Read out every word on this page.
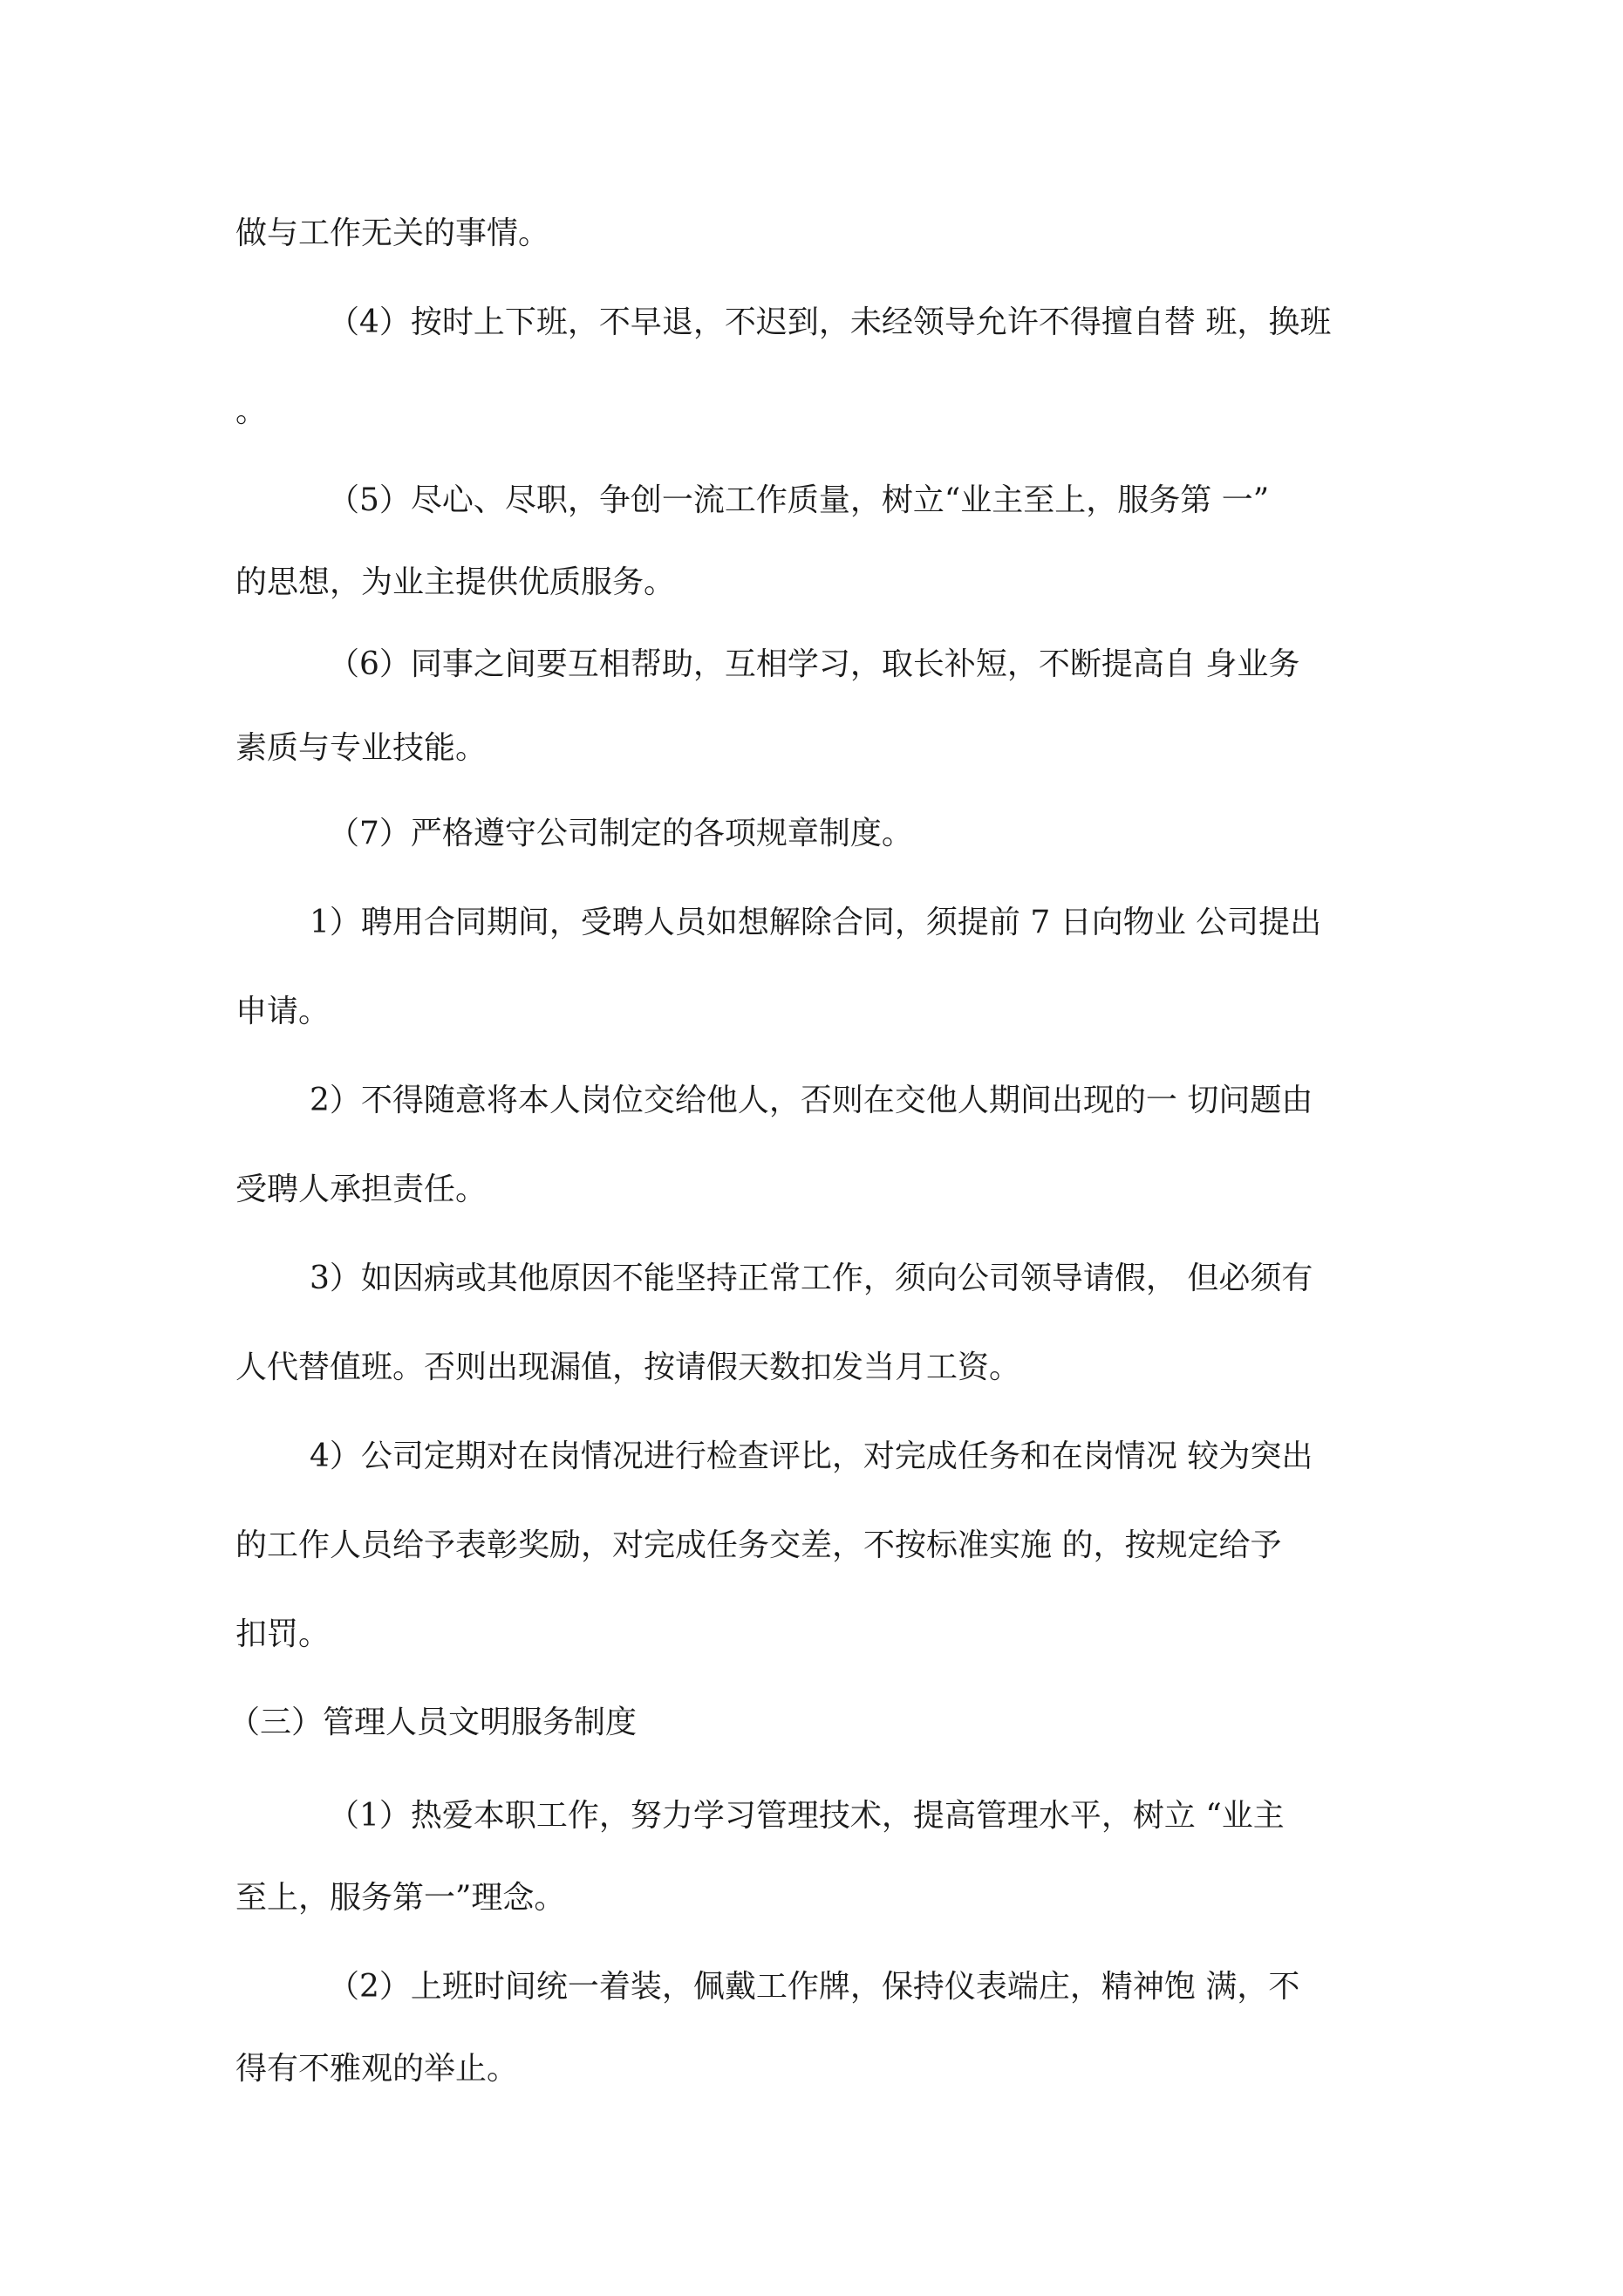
做与工作无关的事情。
（4）按时上下班，不早退，不迟到，未经领导允许不得擅自替 班，换班
。
（5）尽心、尽职，争创一流工作质量，树立“业主至上，服务第 一”
的思想，为业主提供优质服务。
（6）同事之间要互相帮助，互相学习，取长补短，不断提高自 身业务
素质与专业技能。
（7）严格遵守公司制定的各项规章制度。
1）聘用合同期间，受聘人员如想解除合同，须提前 7 日向物业 公司提出
申请。
2）不得随意将本人岗位交给他人，否则在交他人期间出现的一 切问题由
受聘人承担责任。
3）如因病或其他原因不能坚持正常工作，须向公司领导请假， 但必须有
人代替值班。否则出现漏值，按请假天数扣发当月工资。
4）公司定期对在岗情况进行检查评比，对完成任务和在岗情况 较为突出
的工作人员给予表彰奖励，对完成任务交差，不按标准实施 的，按规定给予
扣罚。
（三）管理人员文明服务制度
（1）热爱本职工作，努力学习管理技术，提高管理水平，树立 “业主
至上，服务第一”理念。
（2）上班时间统一着装，佩戴工作牌，保持仪表端庄，精神饱 满，不
得有不雅观的举止。
